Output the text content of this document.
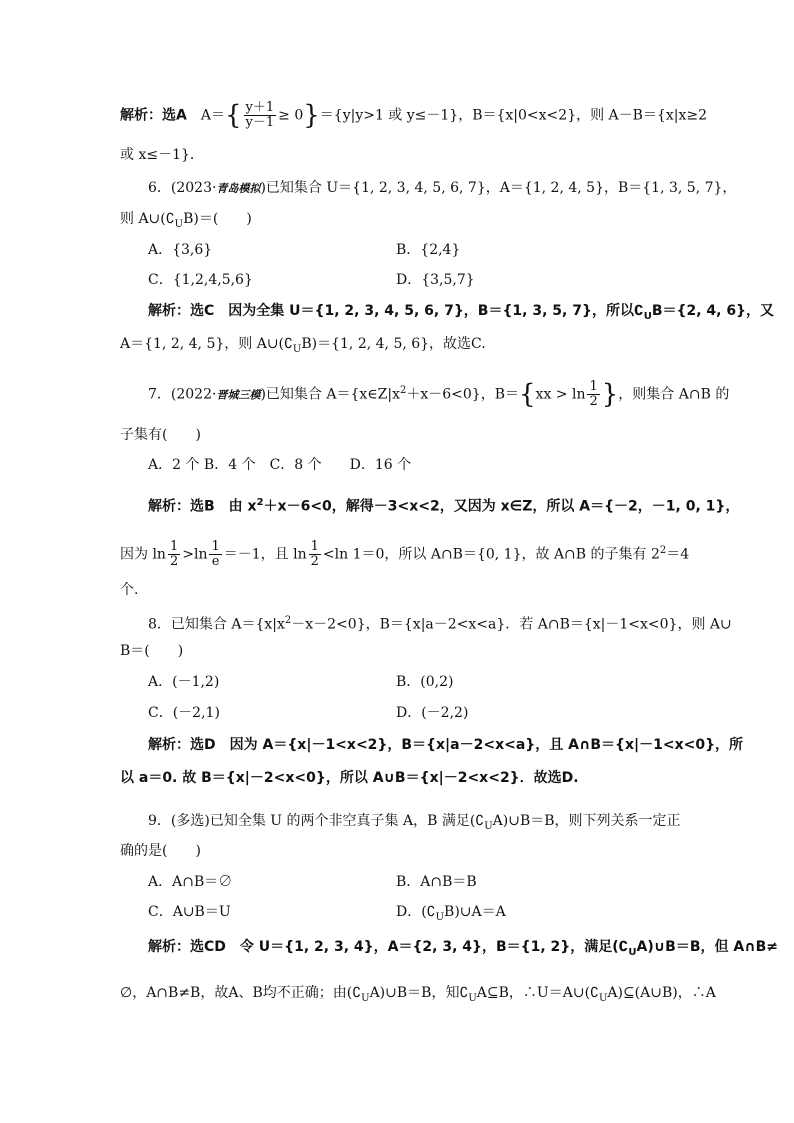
解析：选A　$A=\{ \frac{y+1}{y-1} \ge 0\}=\{y|y>1$ 或 y≤－1}，B＝{x|0<x<2}，则 A－B＝{x|x≥2
或 x≤－1}．
6．(2023·青岛模拟)已知集合 U＝{1, 2, 3, 4, 5, 6, 7}，A＝{1, 2, 4, 5}，B＝{1, 3, 5, 7}，
则 $A\cup(∁_UB)=$(　　)
A．{3,6}	B．{2,4}
C．{1,2,4,5,6}	D．{3,5,7}
解析：选C　因为全集 U＝{1, 2, 3, 4, 5, 6, 7}，B＝{1, 3, 5, 7}，所以$∁_UB=\{2$, 4, 6}，又
A＝{1, 2, 4, 5}，则 $A\cup(∁_UB)=\{1$, 2, 4, 5, 6}，故选C.
7．(2022·晋城三模)已知集合 $A=\{x\in Z|x^2+x-6<0\}$，$B=\{xx > \ln \frac{1}{2}$ }，则集合 A∩B 的
子集有(　　)
A．2 个 B．4 个　C．8 个　　D．16 个
解析：选B　由 $x^2+x-6<0$，解得－3<x<2，又因为 x∈Z，所以 A＝{－2，－1, 0, 1}，
因为 $\ln \frac{1}{2} >\ln \frac{1}{e} =-1$，且 $\ln \frac{1}{2} <\ln$ 1＝0，所以 A∩B＝{0, 1}，故 A∩B 的子集有 $2^2=4$
个.
8．已知集合 $A=\{x|x^2-x-2<0\}$，B＝{x|a－2<x<a}．若 A∩B＝{x|－1<x<0}，则 A∪
B＝(　　)
A．(－1,2)	B．(0,2)
C．(－2,1)	D．(－2,2)
解析：选D　因为 A＝{x|－1<x<2}，B＝{x|a－2<x<a}，且 A∩B＝{x|－1<x<0}，所
以 a＝0. 故 B＝{x|－2<x<0}，所以 A∪B＝{x|－2<x<2}．故选D.
9．(多选)已知全集 U 的两个非空真子集 A，B 满足$(∁_UA)\cup B=B$，则下列关系一定正
确的是(　　)
A．A∩B＝∅	B．A∩B＝B
C．A∪B＝U	D．$(∁_UB)\cup A=A$
解析：选CD　令 U＝{1, 2, 3, 4}，A＝{2, 3, 4}，B＝{1, 2}，满足$(∁_UA)\cup B=B$，但 A∩B≠
∅，A∩B≠B，故A、B均不正确；由$(∁_UA)\cup B=B$，知$∁_UA⊆B$，$\therefore U=A\cup(∁_UA)⊆(A\cup B)$，∴A
